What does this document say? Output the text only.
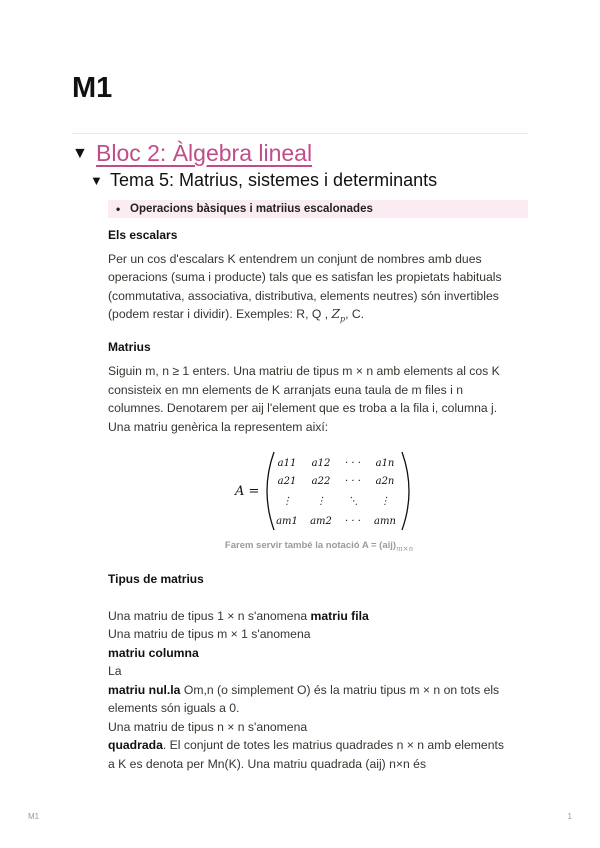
M1
▼ Bloc 2: Àlgebra lineal
▼ Tema 5: Matrius, sistemes i determinants
• Operacions bàsiques i matriius escalonades

Els escalars

Per un cos d'escalars K entendrem un conjunt de nombres amb dues
operacions (suma i producte) tals que es satisfan les propietats habituals
(commutativa, associativa, distributiva, elements neutres) són invertibles
(podem restar i dividir). Exemples: R, Q , $Z_p$, C.

Matrius

Siguin m, n ≥ 1 enters. Una matriu de tipus m × n amb elements al cos K
consisteix en mn elements de K arranjats euna taula de m files i n
columnes. Denotarem per aij l'element que es troba a la fila i, columna j.
Una matriu genèrica la representem així:

A =
a11 a12 · · · a1n
a21 a22 · · · a2n
⋮ ⋮ ⋱ ⋮
am1 am2 · · · amn
Farem servir també la notació $A = (aij)_{m\times n}$

Tipus de matrius

Una matriu de tipus 1 × n s'anomena matriu fila
Una matriu de tipus m × 1 s'anomena
matriu columna
La
matriu nul.la Om,n (o simplement O) és la matriu tipus m × n on tots els
elements són iguals a 0.
Una matriu de tipus n × n s'anomena
quadrada. El conjunt de totes les matrius quadrades n × n amb elements
a K es denota per Mn(K). Una matriu quadrada (aij) n×n és

M1	1
